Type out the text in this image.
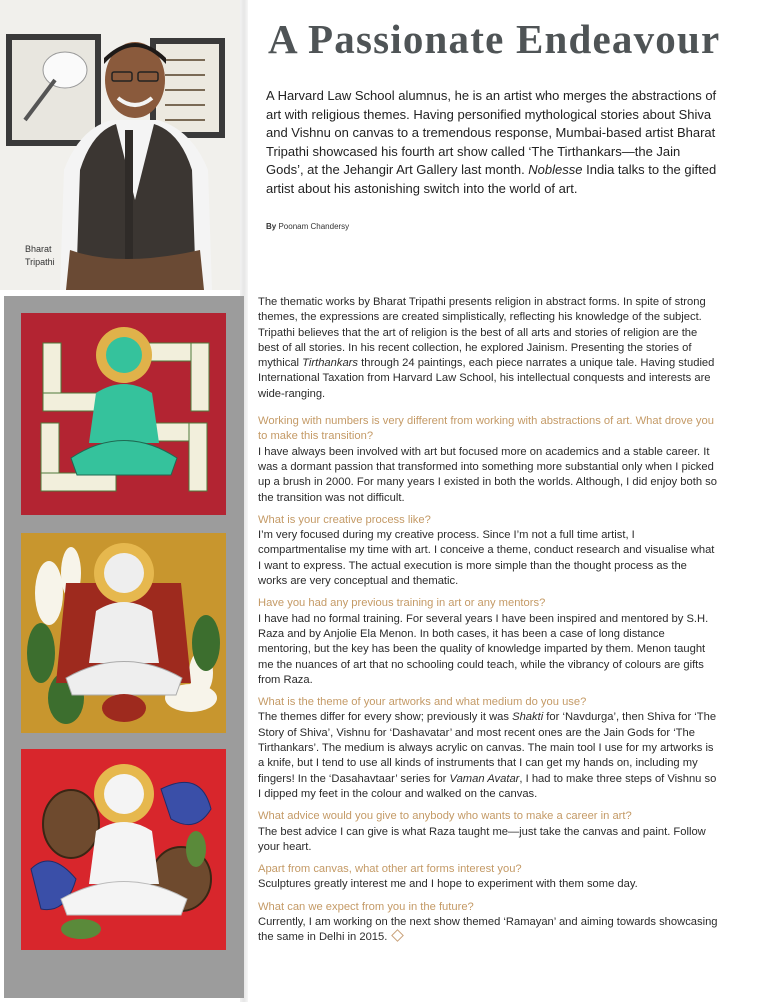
Bharat
Tripathi
A Passionate Endeavour

A Harvard Law School alumnus, he is an artist who merges the abstractions of art with religious themes. Having personified mythological stories about Shiva and Vishnu on canvas to a tremendous response, Mumbai-based artist Bharat Tripathi showcased his fourth art show called ‘The Tirthankars—the Jain Gods’, at the Jehangir Art Gallery last month. Noblesse India talks to the gifted artist about his astonishing switch into the world of art.

By Poonam Chandersy

The thematic works by Bharat Tripathi presents religion in abstract forms. In spite of strong themes, the expressions are created simplistically, reflecting his knowledge of the subject. Tripathi believes that the art of religion is the best of all arts and stories of religion are the best of all stories. In his recent collection, he explored Jainism. Presenting the stories of mythical Tirthankars through 24 paintings, each piece narrates a unique tale. Having studied International Taxation from Harvard Law School, his intellectual conquests and interests are wide-ranging.

Working with numbers is very different from working with abstractions of art. What drove you to make this transition?

I have always been involved with art but focused more on academics and a stable career. It was a dormant passion that transformed into something more substantial only when I picked up a brush in 2000. For many years I existed in both the worlds. Although, I did enjoy both so the transition was not difficult.

What is your creative process like?

I’m very focused during my creative process. Since I’m not a full time artist, I compartmentalise my time with art. I conceive a theme, conduct research and visualise what I want to express. The actual execution is more simple than the thought process as the works are very conceptual and thematic.

Have you had any previous training in art or any mentors?

I have had no formal training. For several years I have been inspired and mentored by S.H. Raza and by Anjolie Ela Menon. In both cases, it has been a case of long distance mentoring, but the key has been the quality of knowledge imparted by them. Menon taught me the nuances of art that no schooling could teach, while the vibrancy of colours are gifts from Raza.

What is the theme of your artworks and what medium do you use?

The themes differ for every show; previously it was Shakti for ‘Navdurga’, then Shiva for ‘The Story of Shiva’, Vishnu for ‘Dashavatar’ and most recent ones are the Jain Gods for ‘The Tirthankars’. The medium is always acrylic on canvas. The main tool I use for my artworks is a knife, but I tend to use all kinds of instruments that I can get my hands on, including my fingers! In the ‘Dasahavtaar’ series for Vaman Avatar, I had to make three steps of Vishnu so I dipped my feet in the colour and walked on the canvas.

What advice would you give to anybody who wants to make a career in art?

The best advice I can give is what Raza taught me—just take the canvas and paint. Follow your heart.

Apart from canvas, what other art forms interest you?

Sculptures greatly interest me and I hope to experiment with them some day.

What can we expect from you in the future?

Currently, I am working on the next show themed ‘Ramayan’ and aiming towards showcasing the same in Delhi in 2015.
